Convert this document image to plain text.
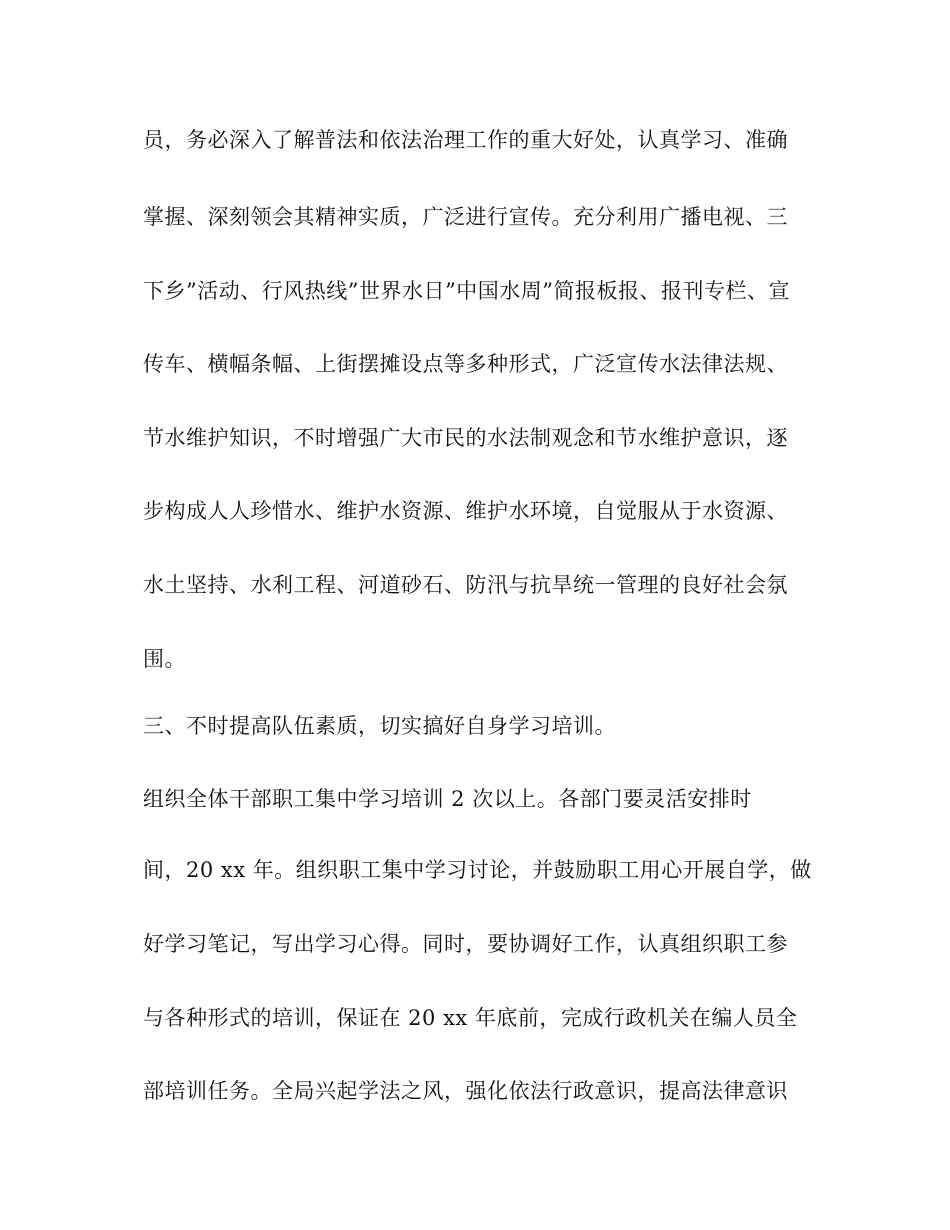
员，务必深入了解普法和依法治理工作的重大好处，认真学习、准确
掌握、深刻领会其精神实质，广泛进行宣传。充分利用广播电视、三
下乡”活动、行风热线”世界水日”中国水周”简报板报、报刊专栏、宣
传车、横幅条幅、上街摆摊设点等多种形式，广泛宣传水法律法规、
节水维护知识，不时增强广大市民的水法制观念和节水维护意识，逐
步构成人人珍惜水、维护水资源、维护水环境，自觉服从于水资源、
水土坚持、水利工程、河道砂石、防汛与抗旱统一管理的良好社会氛
围。
三、不时提高队伍素质，切实搞好自身学习培训。
组织全体干部职工集中学习培训 2 次以上。各部门要灵活安排时
间，20 xx 年。组织职工集中学习讨论，并鼓励职工用心开展自学，做
好学习笔记，写出学习心得。同时，要协调好工作，认真组织职工参
与各种形式的培训，保证在 20 xx 年底前，完成行政机关在编人员全
部培训任务。全局兴起学法之风，强化依法行政意识，提高法律意识
